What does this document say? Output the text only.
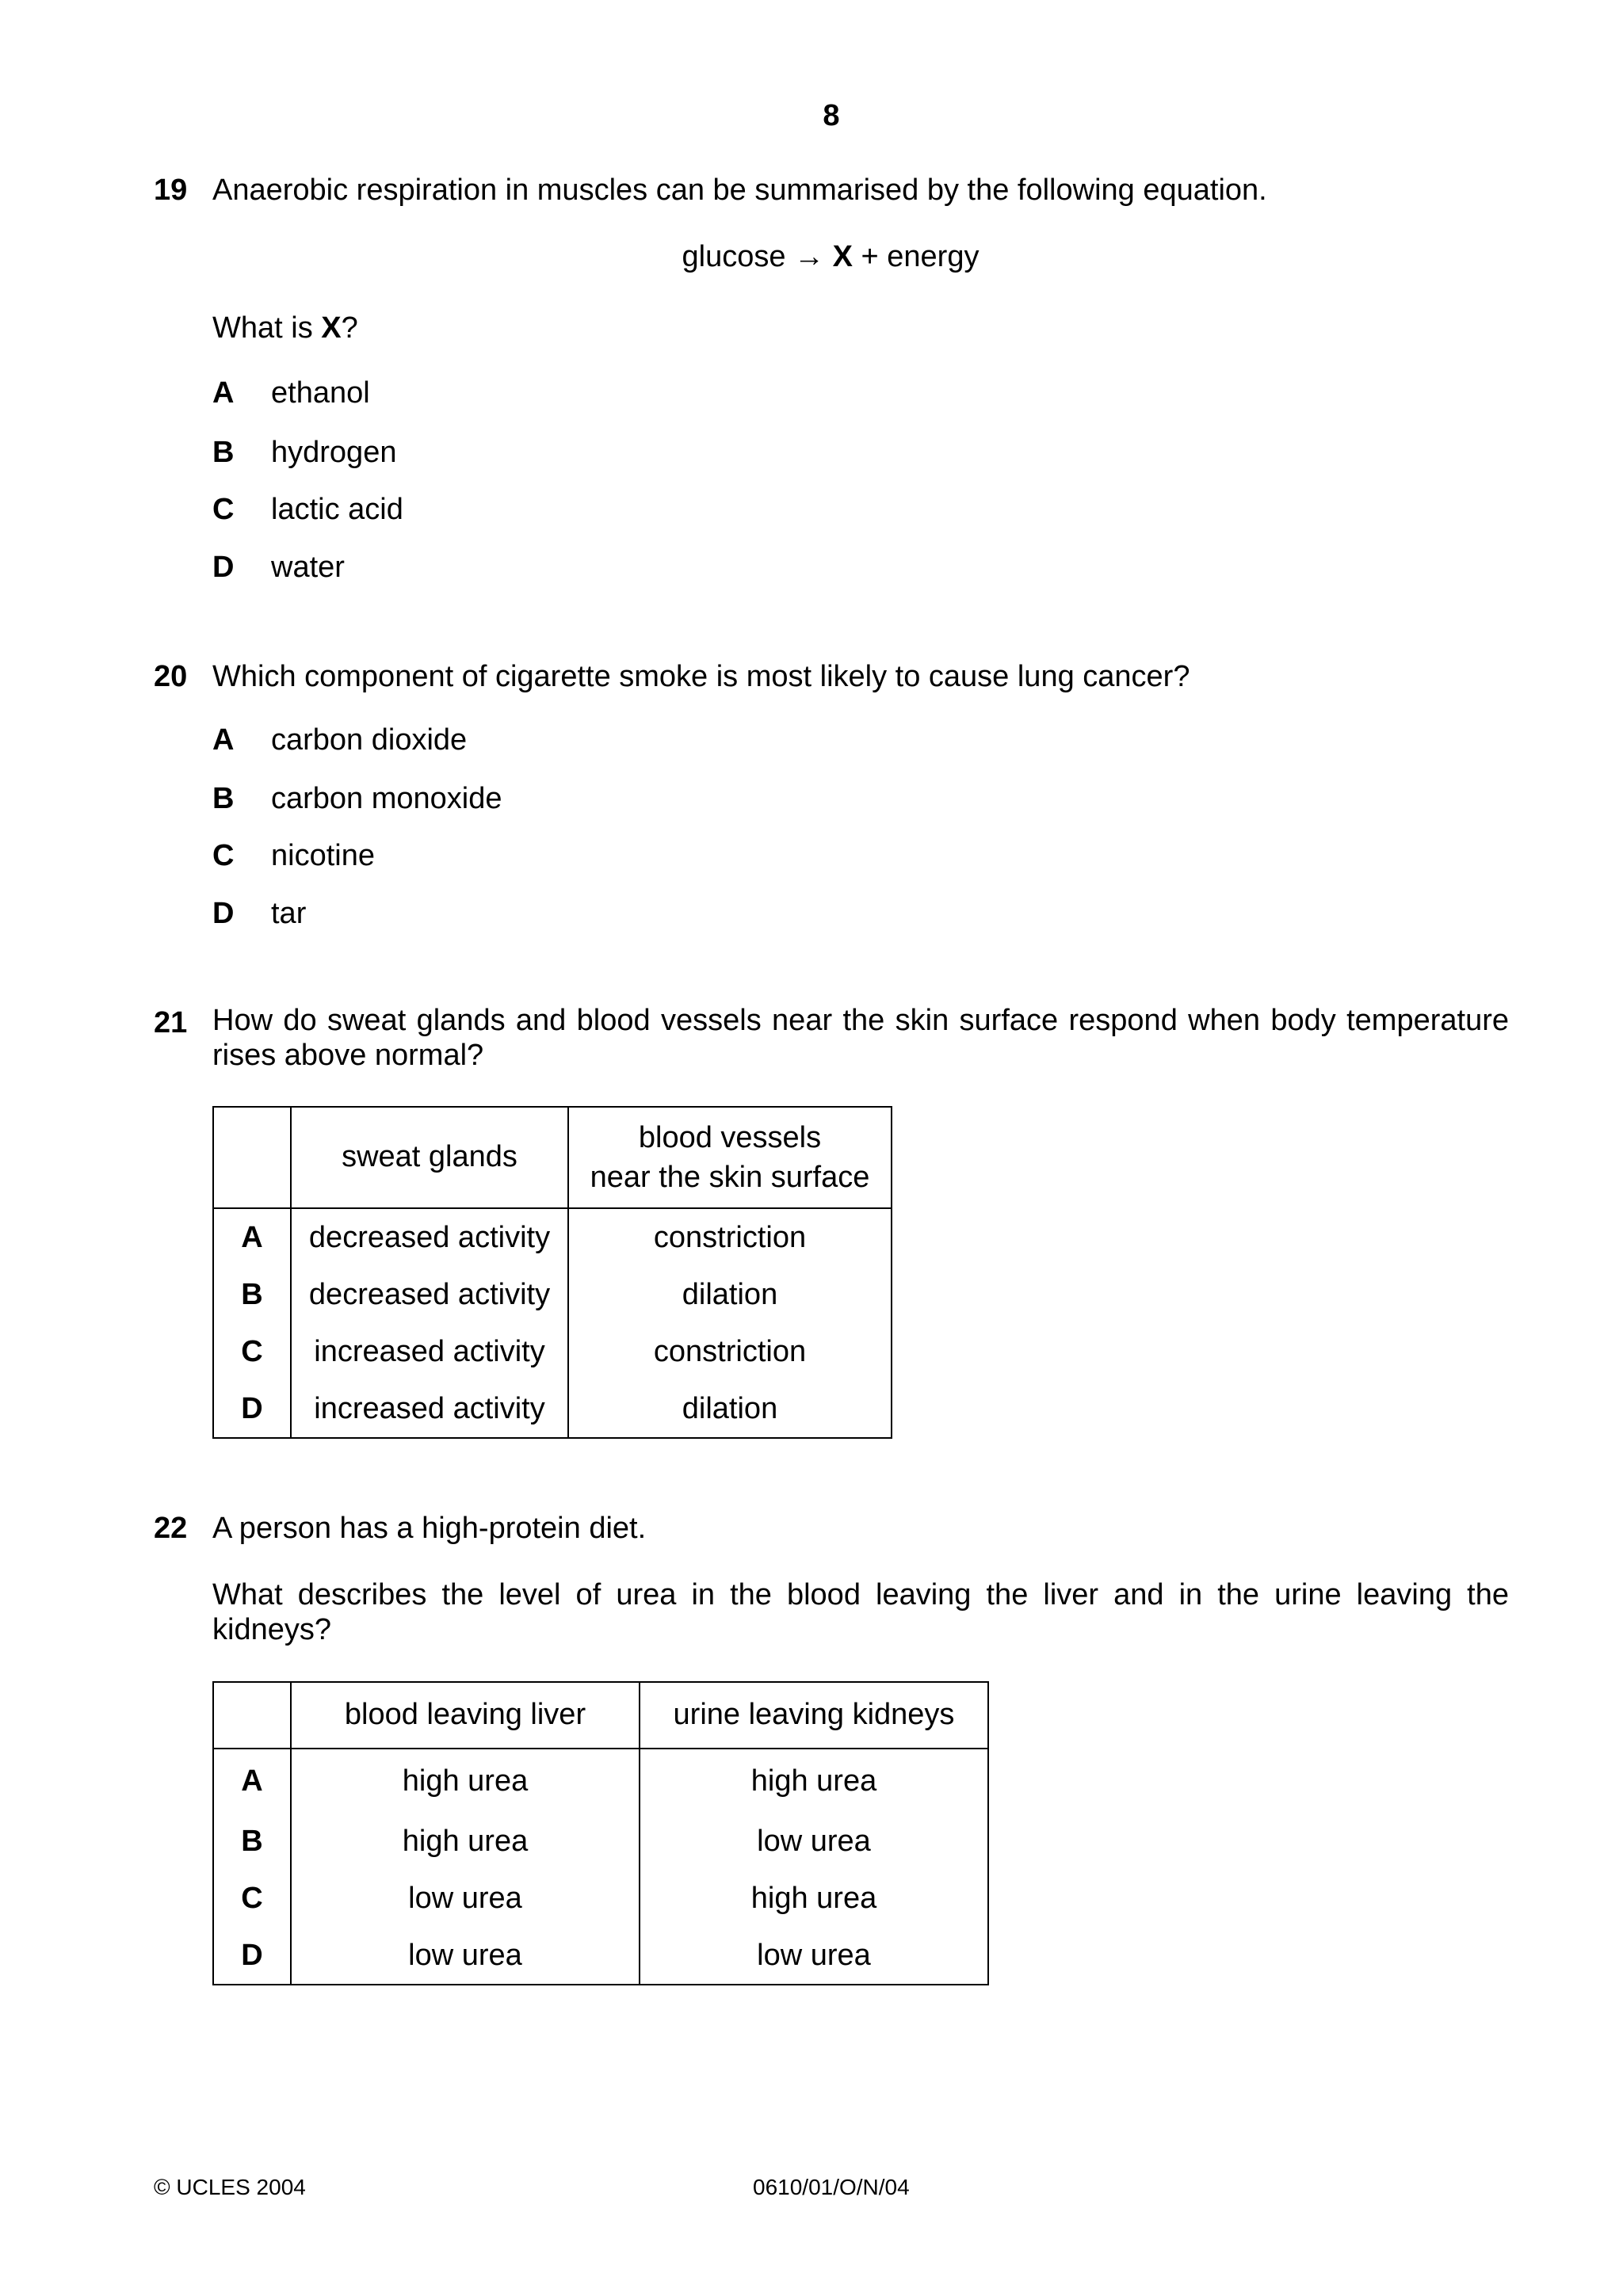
8
19 Anaerobic respiration in muscles can be summarised by the following equation.
glucose → X + energy
What is X?
A ethanol
B hydrogen
C lactic acid
D water
20 Which component of cigarette smoke is most likely to cause lung cancer?
A carbon dioxide
B carbon monoxide
C nicotine
D tar
21 How do sweat glands and blood vessels near the skin surface respond when body temperature rises above normal?
	sweat glands	blood vessels
near the skin surface
A	decreased activity	constriction
B	decreased activity	dilation
C	increased activity	constriction
D	increased activity	dilation
22 A person has a high-protein diet.
What describes the level of urea in the blood leaving the liver and in the urine leaving the kidneys?
	blood leaving liver	urine leaving kidneys
A	high urea	high urea
B	high urea	low urea
C	low urea	high urea
D	low urea	low urea
© UCLES 2004	0610/01/O/N/04
